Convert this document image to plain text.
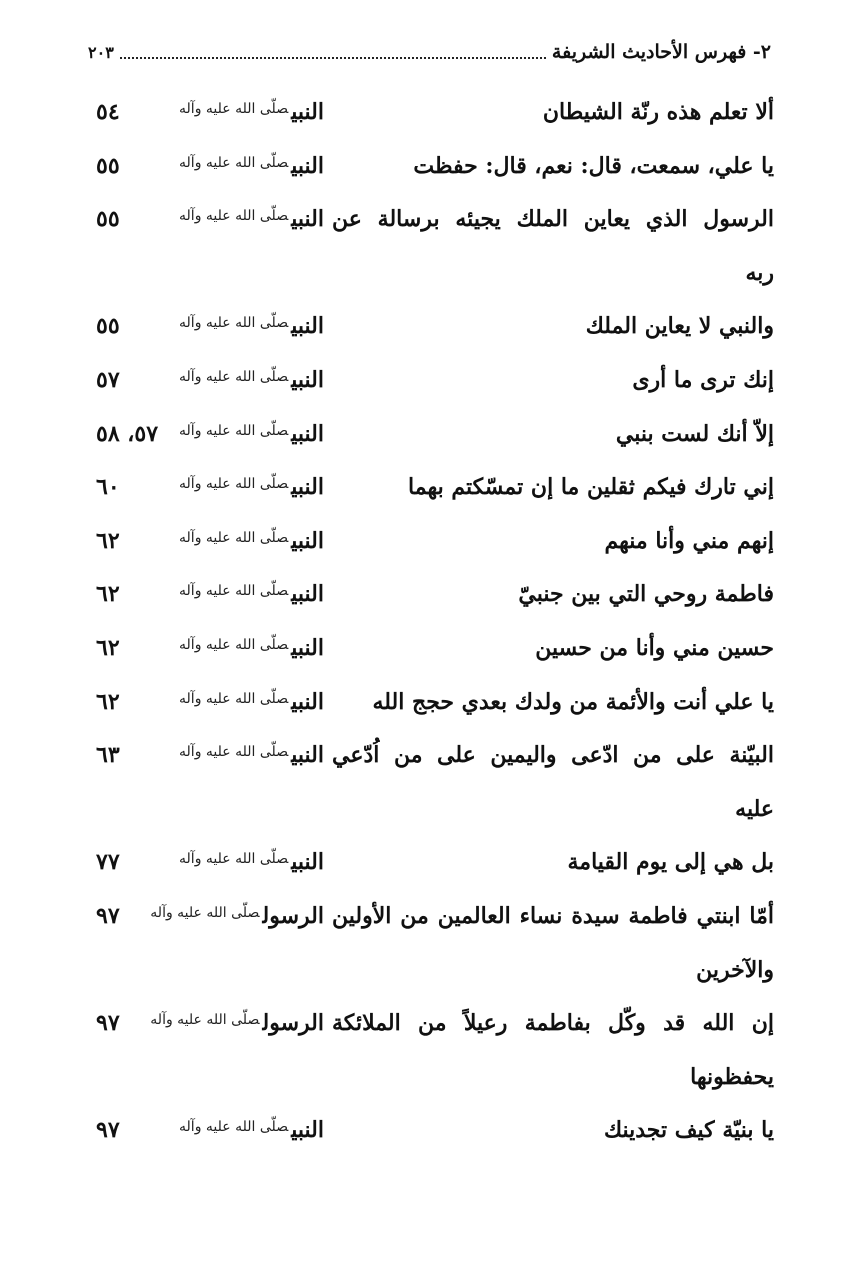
٢- فهرس الأحاديث الشريفة
٢٠٣
ألا تعلم هذه رنّة الشيطان
النبي$^{صلّى الله عليه وآله}$
٥٤
يا علي، سمعت، قال: نعم، قال: حفظت
النبي$^{صلّى الله عليه وآله}$
٥٥
الرسول الذي يعاين الملك يجيئه برسالة عن
النبي$^{صلّى الله عليه وآله}$
٥٥
ربه
والنبي لا يعاين الملك
النبي$^{صلّى الله عليه وآله}$
٥٥
إنك ترى ما أرى
النبي$^{صلّى الله عليه وآله}$
٥٧
إلاّ أنك لست بنبي
النبي$^{صلّى الله عليه وآله}$
٥٧، ٥٨
إني تارك فيكم ثقلين ما إن تمسّكتم بهما
النبي$^{صلّى الله عليه وآله}$
٦٠
إنهم مني وأنا منهم
النبي$^{صلّى الله عليه وآله}$
٦٢
فاطمة روحي التي بين جنبيّ
النبي$^{صلّى الله عليه وآله}$
٦٢
حسين مني وأنا من حسين
النبي$^{صلّى الله عليه وآله}$
٦٢
يا علي أنت والأئمة من ولدك بعدي حجج الله
النبي$^{صلّى الله عليه وآله}$
٦٢
البيّنة على من ادّعى واليمين على من اُدّعي
النبي$^{صلّى الله عليه وآله}$
٦٣
عليه
بل هي إلى يوم القيامة
النبي$^{صلّى الله عليه وآله}$
٧٧
أمّا ابنتي فاطمة سيدة نساء العالمين من الأولين
الرسول$^{صلّى الله عليه وآله}$
٩٧
والآخرين
إن الله قد وكّل بفاطمة رعيلاً من الملائكة
الرسول$^{صلّى الله عليه وآله}$
٩٧
يحفظونها
يا بنيّة كيف تجدينك
النبي$^{صلّى الله عليه وآله}$
٩٧
